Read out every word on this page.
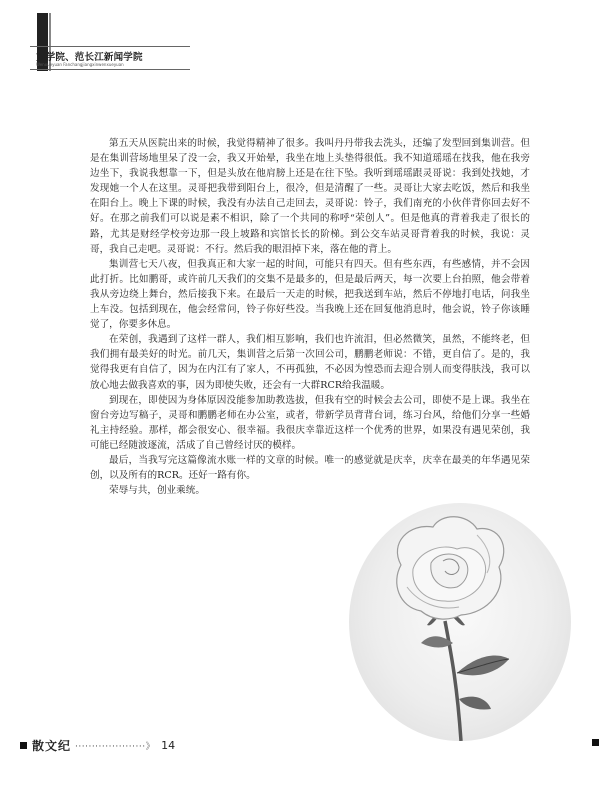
文学院、范长江新闻学院
Wenxueyuan Fanchangjiangxinwenxueyuan

第五天从医院出来的时候，我觉得精神了很多。我叫丹丹带我去洗头，还编了发型回到集训营。但是在集训营场地里呆了没一会，我又开始晕，我坐在地上头垫得很低。我不知道瑶瑶在找我，他在我旁边坐下，我说我想靠一下，但是头放在他肩膀上还是在往下坠。我听到瑶瑶跟灵哥说：我到处找她，才发现她一个人在这里。灵哥把我带到阳台上，很冷，但是清醒了一些。灵哥让大家去吃饭，然后和我坐在阳台上。晚上下课的时候，我没有办法自己走回去，灵哥说：铃子，我们南充的小伙伴背你回去好不好。在那之前我们可以说是素不相识，除了一个共同的称呼“荣创人”。但是他真的背着我走了很长的路，尤其是财经学校旁边那一段上坡路和宾馆长长的阶梯。到公交车站灵哥背着我的时候，我说：灵哥，我自己走吧。灵哥说：不行。然后我的眼泪掉下来，落在他的背上。

集训营七天八夜，但我真正和大家一起的时间，可能只有四天。但有些东西，有些感情，并不会因此打折。比如鹏哥，或许前几天我们的交集不是最多的，但是最后两天，每一次要上台拍照，他会带着我从旁边绕上舞台，然后接我下来。在最后一天走的时候，把我送到车站，然后不停地打电话，问我坐上车没。包括到现在，他会经常问，铃子你好些没。当我晚上还在回复他消息时，他会说，铃子你该睡觉了，你要多休息。

在荣创，我遇到了这样一群人，我们相互影响，我们也许流泪，但必然微笑，虽然，不能终老，但我们拥有最美好的时光。前几天，集训营之后第一次回公司，鹏鹏老师说：不错，更自信了。是的，我觉得我更有自信了，因为在内江有了家人，不再孤独，不必因为惶恐而去迎合别人而变得肤浅，我可以放心地去做我喜欢的事，因为即使失败，还会有一大群RCR给我温暖。

到现在，即使因为身体原因没能参加助教选拔，但我有空的时候会去公司，即使不是上课。我坐在窗台旁边写稿子，灵哥和鹏鹏老师在办公室，或者，带新学员背背台词，练习台风，给他们分享一些婚礼主持经验。那样，都会很安心、很幸福。我很庆幸靠近这样一个优秀的世界，如果没有遇见荣创，我可能已经随波逐流，活成了自己曾经讨厌的模样。

最后，当我写完这篇像流水账一样的文章的时候。唯一的感觉就是庆幸，庆幸在最美的年华遇见荣创，以及所有的RCR。还好一路有你。

荣辱与共，创业乘统。

散文纪 ·····················》 14
